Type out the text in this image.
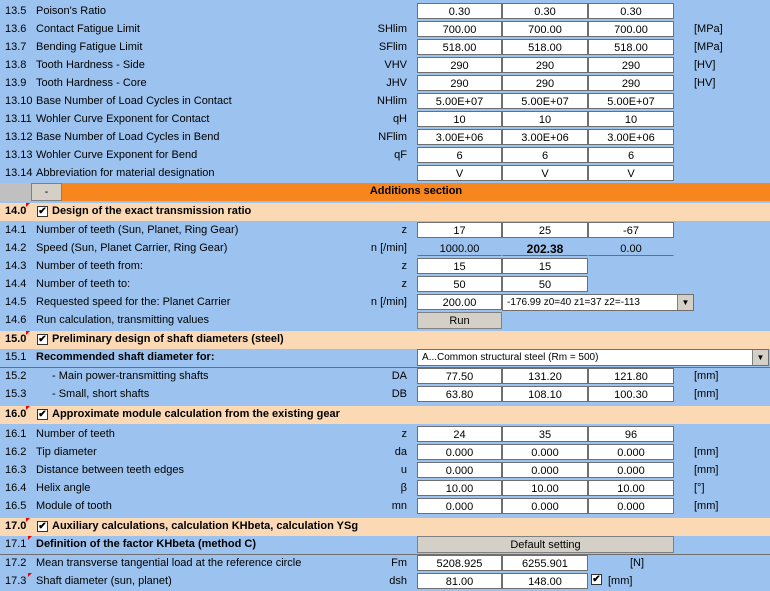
13.5 Poison's Ratio	0.30	0.30	0.30
13.6 Contact Fatigue Limit	SHlim	700.00	700.00	700.00	[MPa]
13.7 Bending Fatigue Limit	SFlim	518.00	518.00	518.00	[MPa]
13.8 Tooth Hardness - Side	VHV	290	290	290	[HV]
13.9 Tooth Hardness - Core	JHV	290	290	290	[HV]
13.10 Base Number of Load Cycles in Contact	NHlim	5.00E+07	5.00E+07	5.00E+07
13.11 Wohler Curve Exponent for Contact	qH	10	10	10
13.12 Base Number of Load Cycles in Bend	NFlim	3.00E+06	3.00E+06	3.00E+06
13.13 Wohler Curve Exponent for Bend	qF	6	6	6
13.14 Abbreviation for material designation	V	V	V
-	Additions section
14.0 ✔ Design of the exact transmission ratio
14.1 Number of teeth (Sun, Planet, Ring Gear)	z	17	25	-67
14.2 Speed (Sun, Planet Carrier, Ring Gear)	n [/min]	1000.00	202.38	0.00
14.3 Number of teeth from:	z	15	15
14.4 Number of teeth to:	z	50	50
14.5 Requested speed for the: Planet Carrier	n [/min]	200.00	-176.99 z0=40 z1=37 z2=-113	▼
14.6 Run calculation, transmitting values	Run
15.0 ✔ Preliminary design of shaft diameters (steel)
15.1 Recommended shaft diameter for:	A...Common structural steel (Rm = 500)	▼
15.2 - Main power-transmitting shafts	DA	77.50	131.20	121.80	[mm]
15.3 - Small, short shafts	DB	63.80	108.10	100.30	[mm]
16.0 ✔ Approximate module calculation from the existing gear
16.1 Number of teeth	z	24	35	96
16.2 Tip diameter	da	0.000	0.000	0.000	[mm]
16.3 Distance between teeth edges	u	0.000	0.000	0.000	[mm]
16.4 Helix angle	β	10.00	10.00	10.00	[°]
16.5 Module of tooth	mn	0.000	0.000	0.000	[mm]
17.0 ✔ Auxiliary calculations, calculation KHbeta, calculation YSg
17.1 Definition of the factor KHbeta (method C)	Default setting
17.2 Mean transverse tangential load at the reference circle	Fm	5208.925	6255.901	[N]
17.3 Shaft diameter (sun, planet)	dsh	81.00	148.00	✔ [mm]
